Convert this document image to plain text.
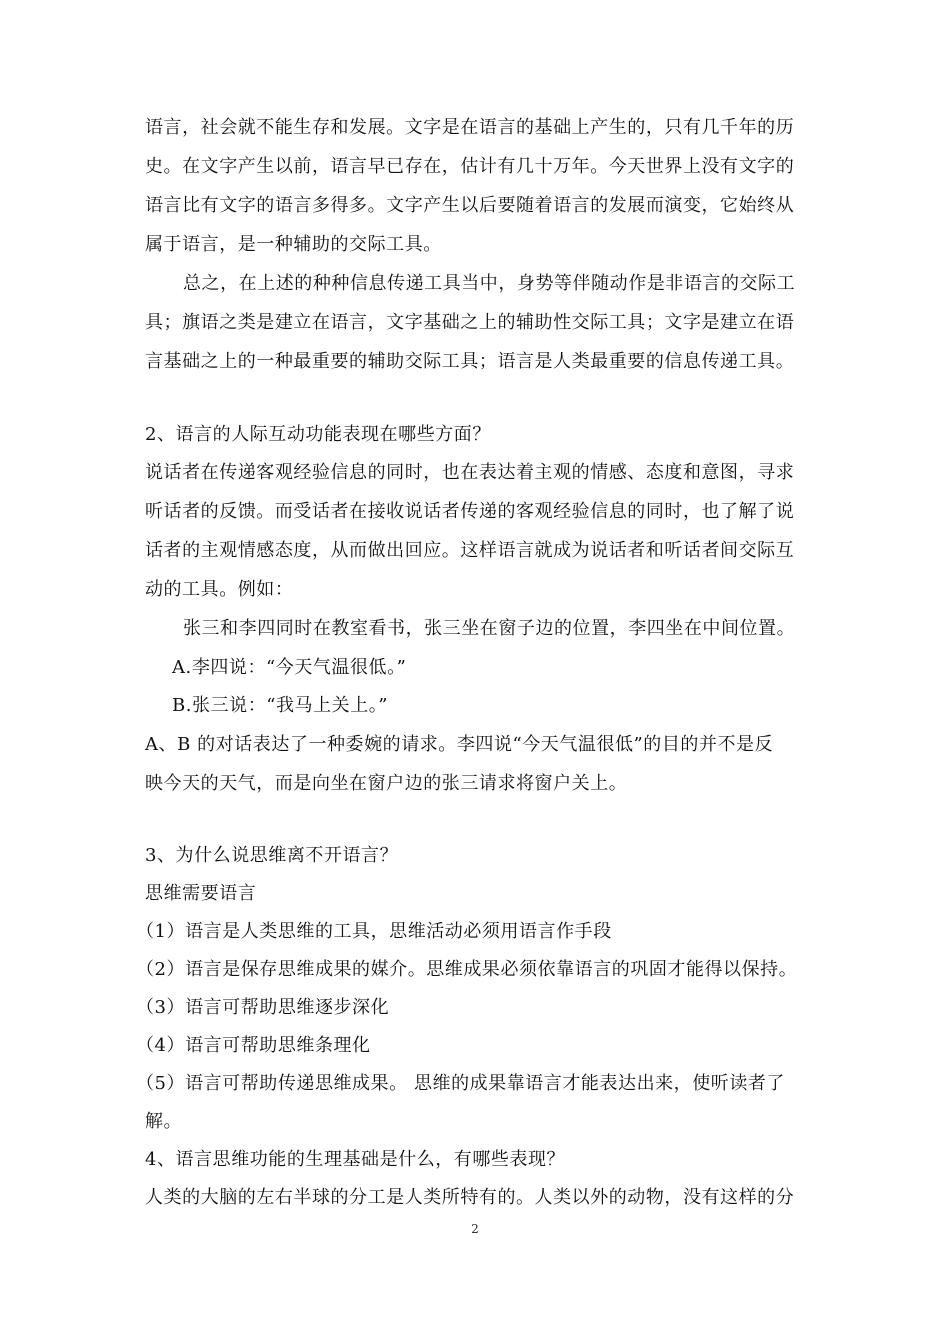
语言，社会就不能生存和发展。文字是在语言的基础上产生的，只有几千年的历
史。在文字产生以前，语言早已存在，估计有几十万年。今天世界上没有文字的
语言比有文字的语言多得多。文字产生以后要随着语言的发展而演变，它始终从
属于语言，是一种辅助的交际工具。
总之，在上述的种种信息传递工具当中，身势等伴随动作是非语言的交际工
具；旗语之类是建立在语言，文字基础之上的辅助性交际工具；文字是建立在语
言基础之上的一种最重要的辅助交际工具；语言是人类最重要的信息传递工具。
2、语言的人际互动功能表现在哪些方面？
说话者在传递客观经验信息的同时，也在表达着主观的情感、态度和意图，寻求
听话者的反馈。而受话者在接收说话者传递的客观经验信息的同时，也了解了说
话者的主观情感态度，从而做出回应。这样语言就成为说话者和听话者间交际互
动的工具。例如：
张三和李四同时在教室看书，张三坐在窗子边的位置，李四坐在中间位置。
A.李四说：“今天气温很低。”
B.张三说：“我马上关上。”
A、B 的对话表达了一种委婉的请求。李四说“今天气温很低”的目的并不是反
映今天的天气，而是向坐在窗户边的张三请求将窗户关上。
3、为什么说思维离不开语言？
思维需要语言
（1）语言是人类思维的工具，思维活动必须用语言作手段
（2）语言是保存思维成果的媒介。思维成果必须依靠语言的巩固才能得以保持。
（3）语言可帮助思维逐步深化
（4）语言可帮助思维条理化
（5）语言可帮助传递思维成果。 思维的成果靠语言才能表达出来，使听读者了
解。
4、语言思维功能的生理基础是什么，有哪些表现？
人类的大脑的左右半球的分工是人类所特有的。人类以外的动物，没有这样的分
2
